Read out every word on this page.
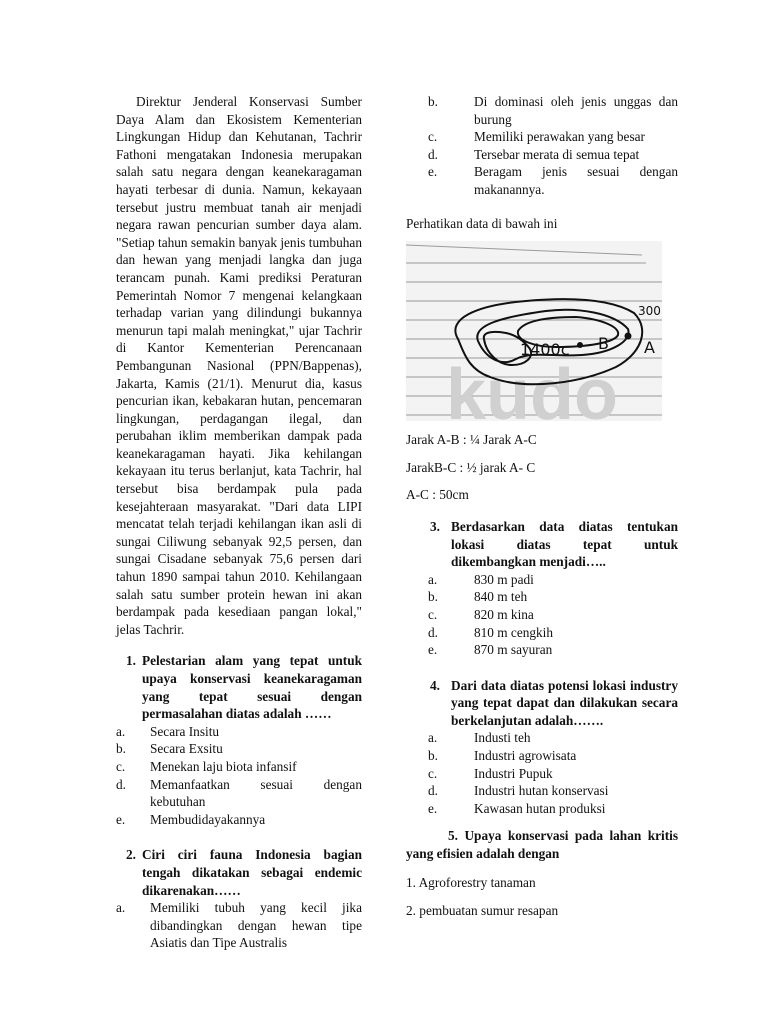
Direktur Jenderal Konservasi Sumber Daya Alam dan Ekosistem Kementerian Lingkungan Hidup dan Kehutanan, Tachrir Fathoni mengatakan Indonesia merupakan salah satu negara dengan keanekaragaman hayati terbesar di dunia. Namun, kekayaan tersebut justru membuat tanah air menjadi negara rawan pencurian sumber daya alam. "Setiap tahun semakin banyak jenis tumbuhan dan hewan yang menjadi langka dan juga terancam punah. Kami prediksi Peraturan Pemerintah Nomor 7 mengenai kelangkaan terhadap varian yang dilindungi bukannya menurun tapi malah meningkat," ujar Tachrir di Kantor Kementerian Perencanaan Pembangunan Nasional (PPN/Bappenas), Jakarta, Kamis (21/1). Menurut dia, kasus pencurian ikan, kebakaran hutan, pencemaran lingkungan, perdagangan ilegal, dan perubahan iklim memberikan dampak pada keanekaragaman hayati. Jika kehilangan kekayaan itu terus berlanjut, kata Tachrir, hal tersebut bisa berdampak pula pada kesejahteraan masyarakat. "Dari data LIPI mencatat telah terjadi kehilangan ikan asli di sungai Ciliwung sebanyak 92,5 persen, dan sungai Cisadane sebanyak 75,6 persen dari tahun 1890 sampai tahun 2010. Kehilangaan salah satu sumber protein hewan ini akan berdampak pada kesediaan pangan lokal," jelas Tachrir.

1. Pelestarian alam yang tepat untuk upaya konservasi keanekaragaman yang tepat sesuai dengan permasalahan diatas adalah ……
a.	Secara Insitu
b.	Secara Exsitu
c.	Menekan laju biota infansif
d.	Memanfaatkan sesuai dengan kebutuhan
e.	Membudidayakannya
2. Ciri ciri fauna Indonesia bagian tengah dikatakan sebagai endemic dikarenakan……
a.	Memiliki tubuh yang kecil jika dibandingkan dengan hewan tipe Asiatis dan Tipe Australis
b.	Di dominasi oleh jenis unggas dan burung
c.	Memiliki perawakan yang besar
d.	Tersebar merata di semua tepat
e.	Beragam jenis sesuai dengan makanannya.

Perhatikan data di bawah ini

kudo
1400c B A
300

Jarak A-B : ¼ Jarak A-C

JarakB-C : ½ jarak A- C

A-C : 50cm

3. Berdasarkan data diatas tentukan lokasi diatas tepat untuk dikembangkan menjadi…..
a.	830 m padi
b.	840 m teh
c.	820 m kina
d.	810 m cengkih
e.	870 m sayuran
4. Dari data diatas potensi lokasi industry yang tepat dapat dan dilakukan secara berkelanjutan adalah…….
a.	Industi teh
b.	Industri agrowisata
c.	Industri Pupuk
d.	Industri hutan konservasi
e.	Kawasan hutan produksi

5. Upaya konservasi pada lahan kritis yang efisien adalah dengan

1. Agroforestry tanaman

2. pembuatan sumur resapan
